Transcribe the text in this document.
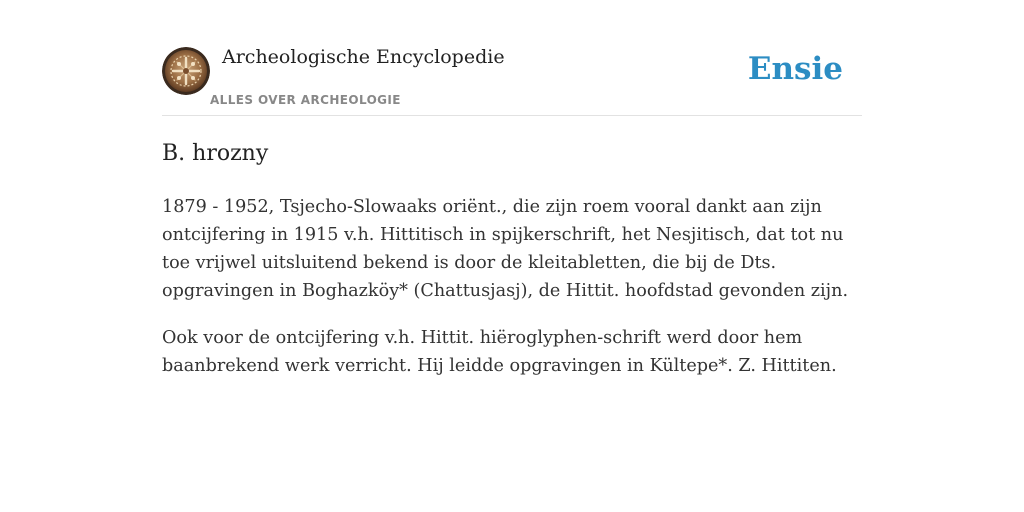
Archeologische Encyclopedie
ALLES OVER ARCHEOLOGIE
Ensie
B. hrozny

1879 - 1952, Tsjecho-Slowaaks oriënt., die zijn roem vooral dankt aan zijn ontcijfering in 1915 v.h. Hittitisch in spijkerschrift, het Nesjitisch, dat tot nu toe vrijwel uitsluitend bekend is door de kleitabletten, die bij de Dts. opgravingen in Boghazköy* (Chattusjasj), de Hittit. hoofdstad gevonden zijn.

Ook voor de ontcijfering v.h. Hittit. hiëroglyphen-schrift werd door hem baanbrekend werk verricht. Hij leidde opgravingen in Kültepe*. Z. Hittiten.
